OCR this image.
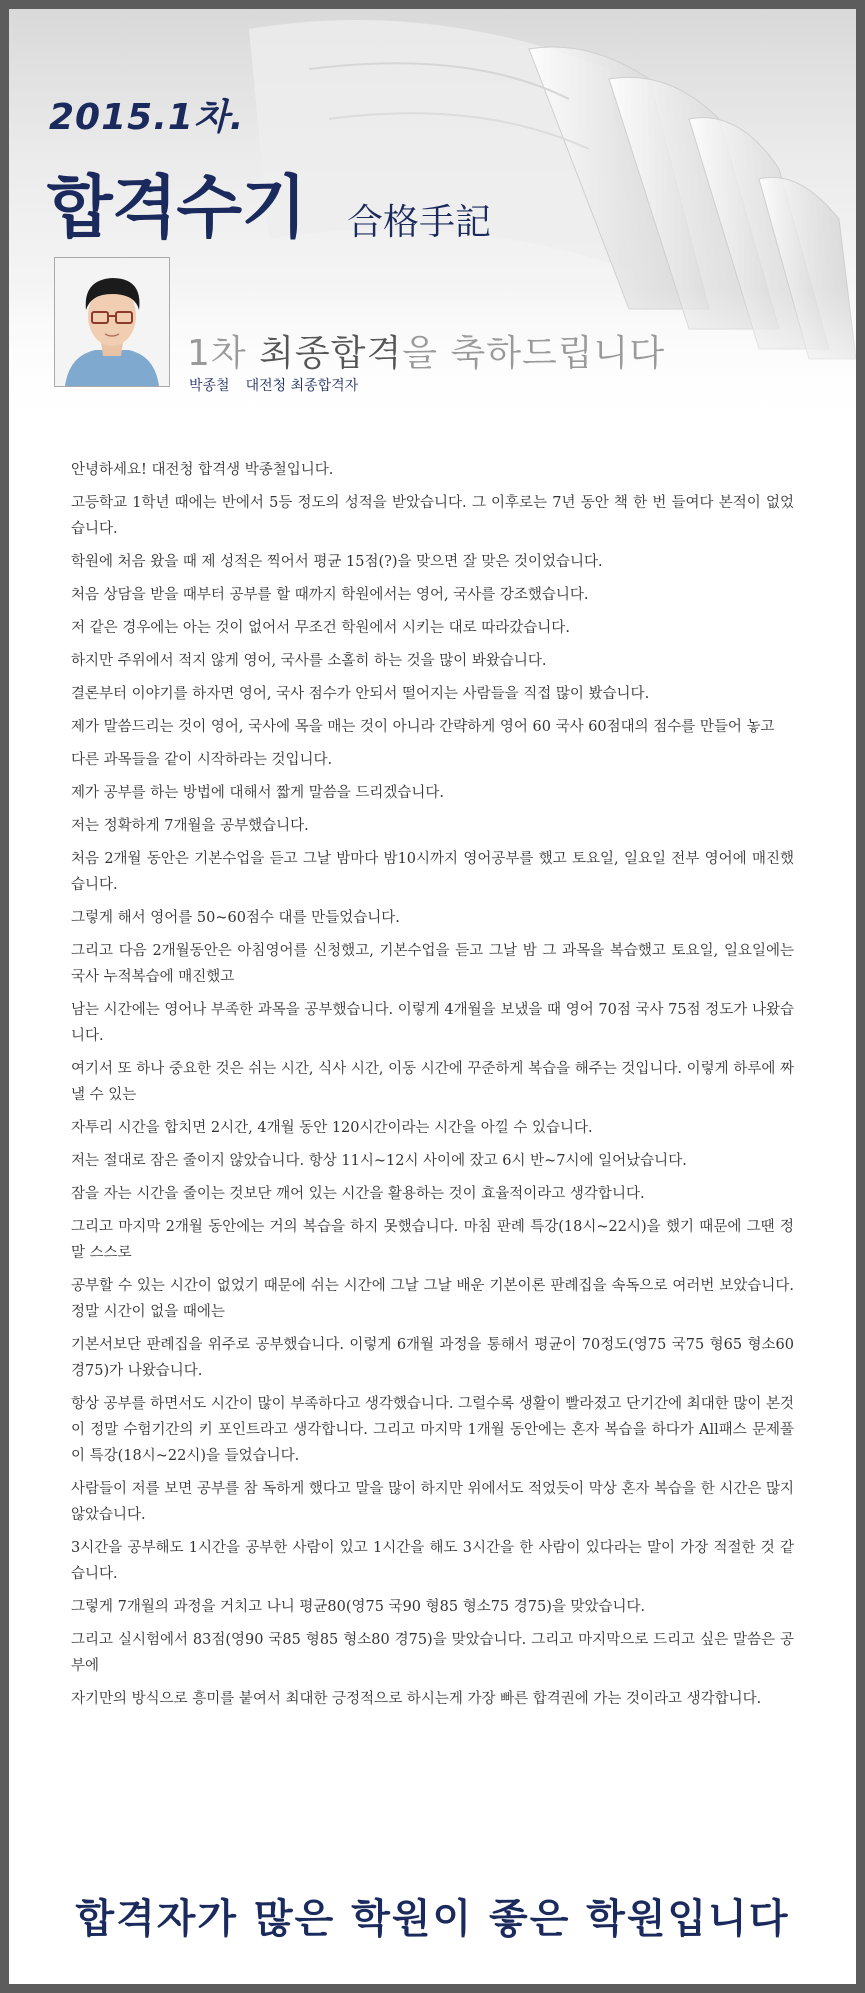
2015.1차.
합격수기 合格手記
1차 최종합격을 축하드립니다
박종철 대전청 최종합격자

안녕하세요! 대전청 합격생 박종철입니다.

고등학교 1학년 때에는 반에서 5등 정도의 성적을 받았습니다. 그 이후로는 7년 동안 책 한 번 들여다 본적이 없었습니다.

학원에 처음 왔을 때 제 성적은 찍어서 평균 15점(?)을 맞으면 잘 맞은 것이었습니다.

처음 상담을 받을 때부터 공부를 할 때까지 학원에서는 영어, 국사를 강조했습니다.

저 같은 경우에는 아는 것이 없어서 무조건 학원에서 시키는 대로 따라갔습니다.

하지만 주위에서 적지 않게 영어, 국사를 소홀히 하는 것을 많이 봐왔습니다.

결론부터 이야기를 하자면 영어, 국사 점수가 안되서 떨어지는 사람들을 직접 많이 봤습니다.

제가 말씀드리는 것이 영어, 국사에 목을 매는 것이 아니라 간략하게 영어 60 국사 60점대의 점수를 만들어 놓고

다른 과목들을 같이 시작하라는 것입니다.

제가 공부를 하는 방법에 대해서 짧게 말씀을 드리겠습니다.

저는 정확하게 7개월을 공부했습니다.

처음 2개월 동안은 기본수업을 듣고 그날 밤마다 밤10시까지 영어공부를 했고 토요일, 일요일 전부 영어에 매진했습니다.

그렇게 해서 영어를 50~60점수 대를 만들었습니다.

그리고 다음 2개월동안은 아침영어를 신청했고, 기본수업을 듣고 그날 밤 그 과목을 복습했고 토요일, 일요일에는 국사 누적복습에 매진했고

남는 시간에는 영어나 부족한 과목을 공부했습니다. 이렇게 4개월을 보냈을 때 영어 70점 국사 75점 정도가 나왔습니다.

여기서 또 하나 중요한 것은 쉬는 시간, 식사 시간, 이동 시간에 꾸준하게 복습을 해주는 것입니다. 이렇게 하루에 짜낼 수 있는

자투리 시간을 합치면 2시간, 4개월 동안 120시간이라는 시간을 아낄 수 있습니다.

저는 절대로 잠은 줄이지 않았습니다. 항상 11시~12시 사이에 잤고 6시 반~7시에 일어났습니다.

잠을 자는 시간을 줄이는 것보단 깨어 있는 시간을 활용하는 것이 효율적이라고 생각합니다.

그리고 마지막 2개월 동안에는 거의 복습을 하지 못했습니다. 마침 판례 특강(18시~22시)을 했기 때문에 그땐 정말 스스로

공부할 수 있는 시간이 없었기 때문에 쉬는 시간에 그날 그날 배운 기본이론 판례집을 속독으로 여러번 보았습니다. 정말 시간이 없을 때에는

기본서보단 판례집을 위주로 공부했습니다. 이렇게 6개월 과정을 통해서 평균이 70정도(영75 국75 형65 형소60 경75)가 나왔습니다.

항상 공부를 하면서도 시간이 많이 부족하다고 생각했습니다. 그럴수록 생활이 빨라졌고 단기간에 최대한 많이 본것이 정말 수험기간의 키 포인트라고 생각합니다. 그리고 마지막 1개월 동안에는 혼자 복습을 하다가 All패스 문제풀이 특강(18시~22시)을 들었습니다.

사람들이 저를 보면 공부를 참 독하게 했다고 말을 많이 하지만 위에서도 적었듯이 막상 혼자 복습을 한 시간은 많지 않았습니다.

3시간을 공부해도 1시간을 공부한 사람이 있고 1시간을 해도 3시간을 한 사람이 있다라는 말이 가장 적절한 것 같습니다.

그렇게 7개월의 과정을 거치고 나니 평균80(영75 국90 형85 형소75 경75)을 맞았습니다.

그리고 실시험에서 83점(영90 국85 형85 형소80 경75)을 맞았습니다. 그리고 마지막으로 드리고 싶은 말씀은 공부에

자기만의 방식으로 흥미를 붙여서 최대한 긍정적으로 하시는게 가장 빠른 합격권에 가는 것이라고 생각합니다.

합격자가 많은 학원이 좋은 학원입니다
